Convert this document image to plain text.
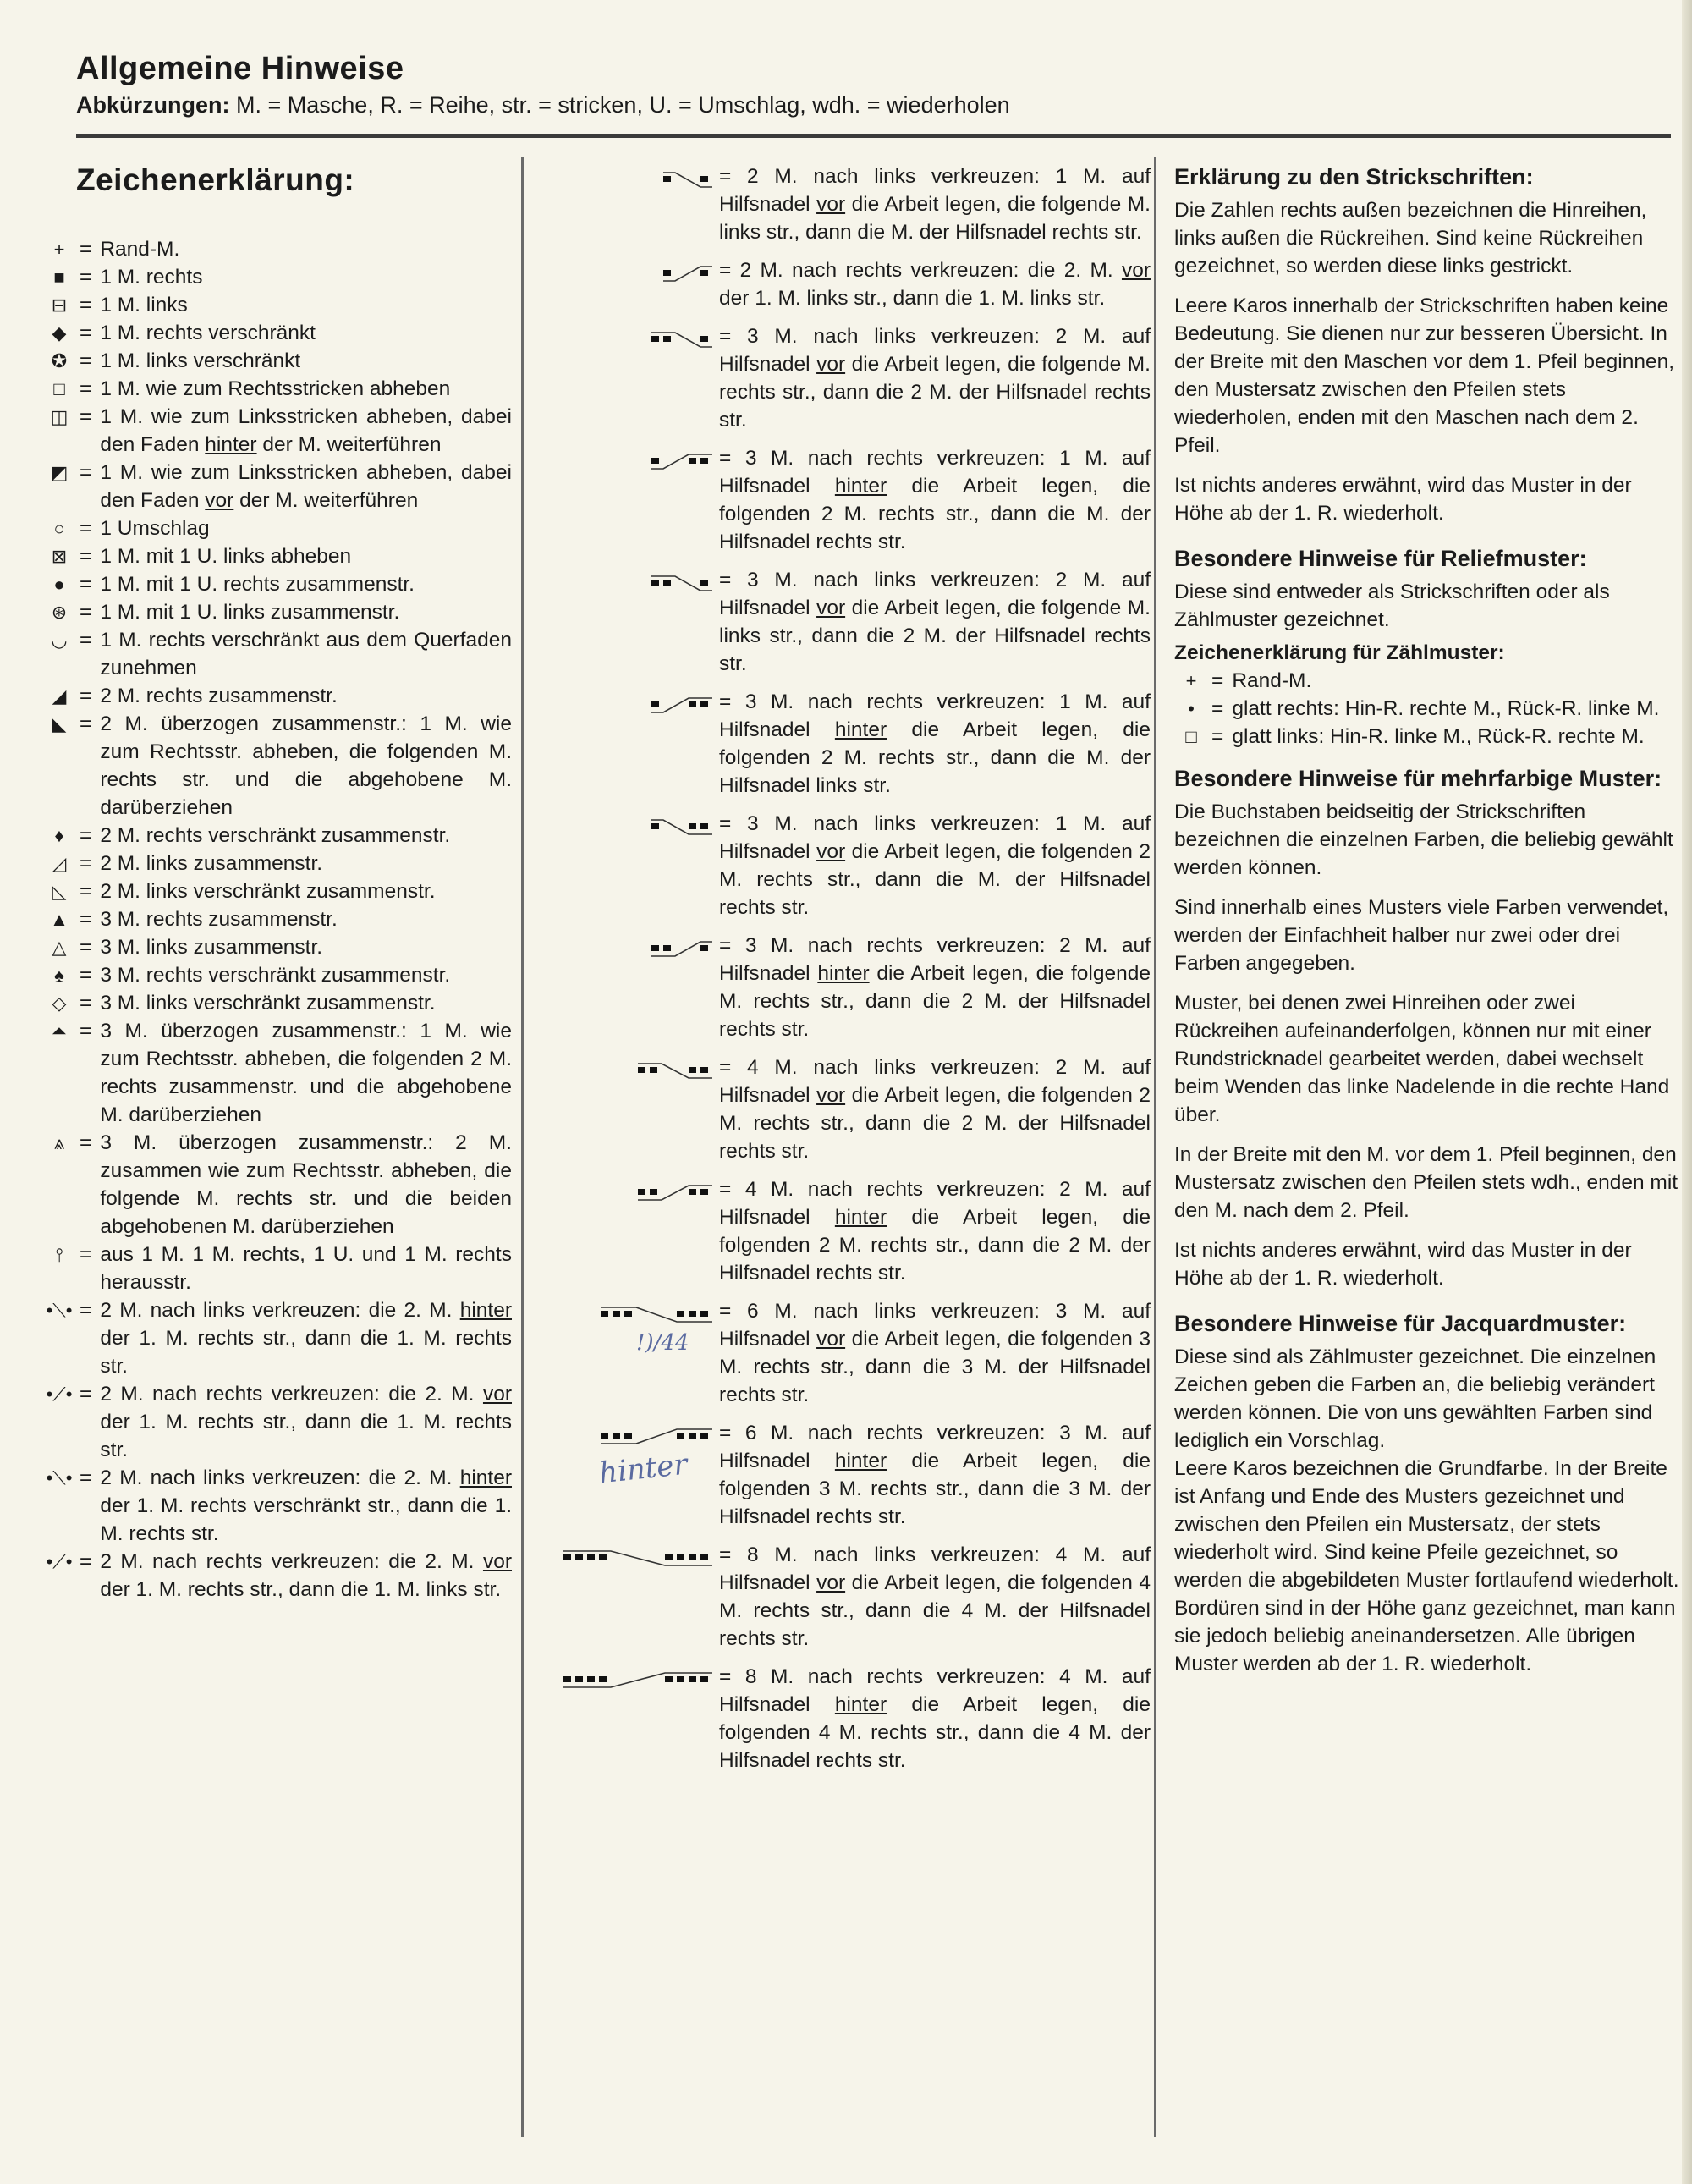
Allgemeine Hinweise
Abkürzungen: M. = Masche, R. = Reihe, str. = stricken, U. = Umschlag, wdh. = wiederholen
Zeichenerklärung:
+ = Rand-M.
■ = 1 M. rechts
⊟ = 1 M. links
◆ = 1 M. rechts verschränkt
✪ = 1 M. links verschränkt
□ = 1 M. wie zum Rechtsstricken abheben
◫ = 1 M. wie zum Linksstricken abheben, dabei den Faden hinter der M. weiterführen
◩ = 1 M. wie zum Linksstricken abheben, dabei den Faden vor der M. weiterführen
○ = 1 Umschlag
⊠ = 1 M. mit 1 U. links abheben
● = 1 M. mit 1 U. rechts zusammenstr.
⊛ = 1 M. mit 1 U. links zusammenstr.
◡ = 1 M. rechts verschränkt aus dem Querfaden zunehmen
◢ = 2 M. rechts zusammenstr.
◣ = 2 M. überzogen zusammenstr.: 1 M. wie zum Rechtsstr. abheben, die folgenden M. rechts str. und die abgehobene M. darüberziehen
♦ = 2 M. rechts verschränkt zusammenstr.
◿ = 2 M. links zusammenstr.
◺ = 2 M. links verschränkt zusammenstr.
▲ = 3 M. rechts zusammenstr.
△ = 3 M. links zusammenstr.
♠ = 3 M. rechts verschränkt zusammenstr.
◇ = 3 M. links verschränkt zusammenstr.
⏶ = 3 M. überzogen zusammenstr.: 1 M. wie zum Rechtsstr. abheben, die folgenden 2 M. rechts zusammenstr. und die abgehobene M. darüberziehen
⩓ = 3 M. überzogen zusammenstr.: 2 M. zusammen wie zum Rechtsstr. abheben, die folgende M. rechts str. und die beiden abgehobenen M. darüberziehen
⫯ = aus 1 M. 1 M. rechts, 1 U. und 1 M. rechts herausstr.
•⟍• = 2 M. nach links verkreuzen: die 2. M. hinter der 1. M. rechts str., dann die 1. M. rechts str.
•⟋• = 2 M. nach rechts verkreuzen: die 2. M. vor der 1. M. rechts str., dann die 1. M. rechts str.
•⟍• = 2 M. nach links verkreuzen: die 2. M. hinter der 1. M. rechts verschränkt str., dann die 1. M. rechts str.
•⟋• = 2 M. nach rechts verkreuzen: die 2. M. vor der 1. M. rechts str., dann die 1. M. links str.
= 2 M. nach links verkreuzen: 1 M. auf Hilfsnadel vor die Arbeit legen, die folgende M. links str., dann die M. der Hilfsnadel rechts str.
= 2 M. nach rechts verkreuzen: die 2. M. vor der 1. M. links str., dann die 1. M. links str.
= 3 M. nach links verkreuzen: 2 M. auf Hilfsnadel vor die Arbeit legen, die folgende M. rechts str., dann die 2 M. der Hilfsnadel rechts str.
= 3 M. nach rechts verkreuzen: 1 M. auf Hilfsnadel hinter die Arbeit legen, die folgenden 2 M. rechts str., dann die M. der Hilfsnadel rechts str.
= 3 M. nach links verkreuzen: 2 M. auf Hilfsnadel vor die Arbeit legen, die folgende M. links str., dann die 2 M. der Hilfsnadel rechts str.
= 3 M. nach rechts verkreuzen: 1 M. auf Hilfsnadel hinter die Arbeit legen, die folgenden 2 M. rechts str., dann die M. der Hilfsnadel links str.
= 3 M. nach links verkreuzen: 1 M. auf Hilfsnadel vor die Arbeit legen, die folgenden 2 M. rechts str., dann die M. der Hilfsnadel rechts str.
= 3 M. nach rechts verkreuzen: 2 M. auf Hilfsnadel hinter die Arbeit legen, die folgende M. rechts str., dann die 2 M. der Hilfsnadel rechts str.
= 4 M. nach links verkreuzen: 2 M. auf Hilfsnadel vor die Arbeit legen, die folgenden 2 M. rechts str., dann die 2 M. der Hilfsnadel rechts str.
= 4 M. nach rechts verkreuzen: 2 M. auf Hilfsnadel hinter die Arbeit legen, die folgenden 2 M. rechts str., dann die 2 M. der Hilfsnadel rechts str.
= 6 M. nach links verkreuzen: 3 M. auf Hilfsnadel vor die Arbeit legen, die folgenden 3 M. rechts str., dann die 3 M. der Hilfsnadel rechts str.
= 6 M. nach rechts verkreuzen: 3 M. auf Hilfsnadel hinter die Arbeit legen, die folgenden 3 M. rechts str., dann die 3 M. der Hilfsnadel rechts str.
= 8 M. nach links verkreuzen: 4 M. auf Hilfsnadel vor die Arbeit legen, die folgenden 4 M. rechts str., dann die 4 M. der Hilfsnadel rechts str.
= 8 M. nach rechts verkreuzen: 4 M. auf Hilfsnadel hinter die Arbeit legen, die folgenden 4 M. rechts str., dann die 4 M. der Hilfsnadel rechts str.
!)/44
hinter
Erklärung zu den Strickschriften:

Die Zahlen rechts außen bezeichnen die Hinreihen, links außen die Rückreihen. Sind keine Rückreihen gezeichnet, so werden diese links gestrickt.

Leere Karos innerhalb der Strickschriften haben keine Bedeutung. Sie dienen nur zur besseren Übersicht. In der Breite mit den Maschen vor dem 1. Pfeil beginnen, den Mustersatz zwischen den Pfeilen stets wiederholen, enden mit den Maschen nach dem 2. Pfeil.

Ist nichts anderes erwähnt, wird das Muster in der Höhe ab der 1. R. wiederholt.

Besondere Hinweise für Reliefmuster:

Diese sind entweder als Strickschriften oder als Zählmuster gezeichnet.

Zeichenerklärung für Zählmuster:
+ = Rand-M.
• = glatt rechts: Hin-R. rechte M., Rück-R. linke M.
□ = glatt links: Hin-R. linke M., Rück-R. rechte M.
Besondere Hinweise für mehrfarbige Muster:

Die Buchstaben beidseitig der Strickschriften bezeichnen die einzelnen Farben, die beliebig gewählt werden können.

Sind innerhalb eines Musters viele Farben verwendet, werden der Einfachheit halber nur zwei oder drei Farben angegeben.

Muster, bei denen zwei Hinreihen oder zwei Rückreihen aufeinanderfolgen, können nur mit einer Rundstricknadel gearbeitet werden, dabei wechselt beim Wenden das linke Nadelende in die rechte Hand über.

In der Breite mit den M. vor dem 1. Pfeil beginnen, den Mustersatz zwischen den Pfeilen stets wdh., enden mit den M. nach dem 2. Pfeil.

Ist nichts anderes erwähnt, wird das Muster in der Höhe ab der 1. R. wiederholt.

Besondere Hinweise für Jacquardmuster:

Diese sind als Zählmuster gezeichnet. Die einzelnen Zeichen geben die Farben an, die beliebig verändert werden können. Die von uns gewählten Farben sind lediglich ein Vorschlag.

Leere Karos bezeichnen die Grundfarbe. In der Breite ist Anfang und Ende des Musters gezeichnet und zwischen den Pfeilen ein Mustersatz, der stets wiederholt wird. Sind keine Pfeile gezeichnet, so werden die abgebildeten Muster fortlaufend wiederholt.

Bordüren sind in der Höhe ganz gezeichnet, man kann sie jedoch beliebig aneinandersetzen. Alle übrigen Muster werden ab der 1. R. wiederholt.
